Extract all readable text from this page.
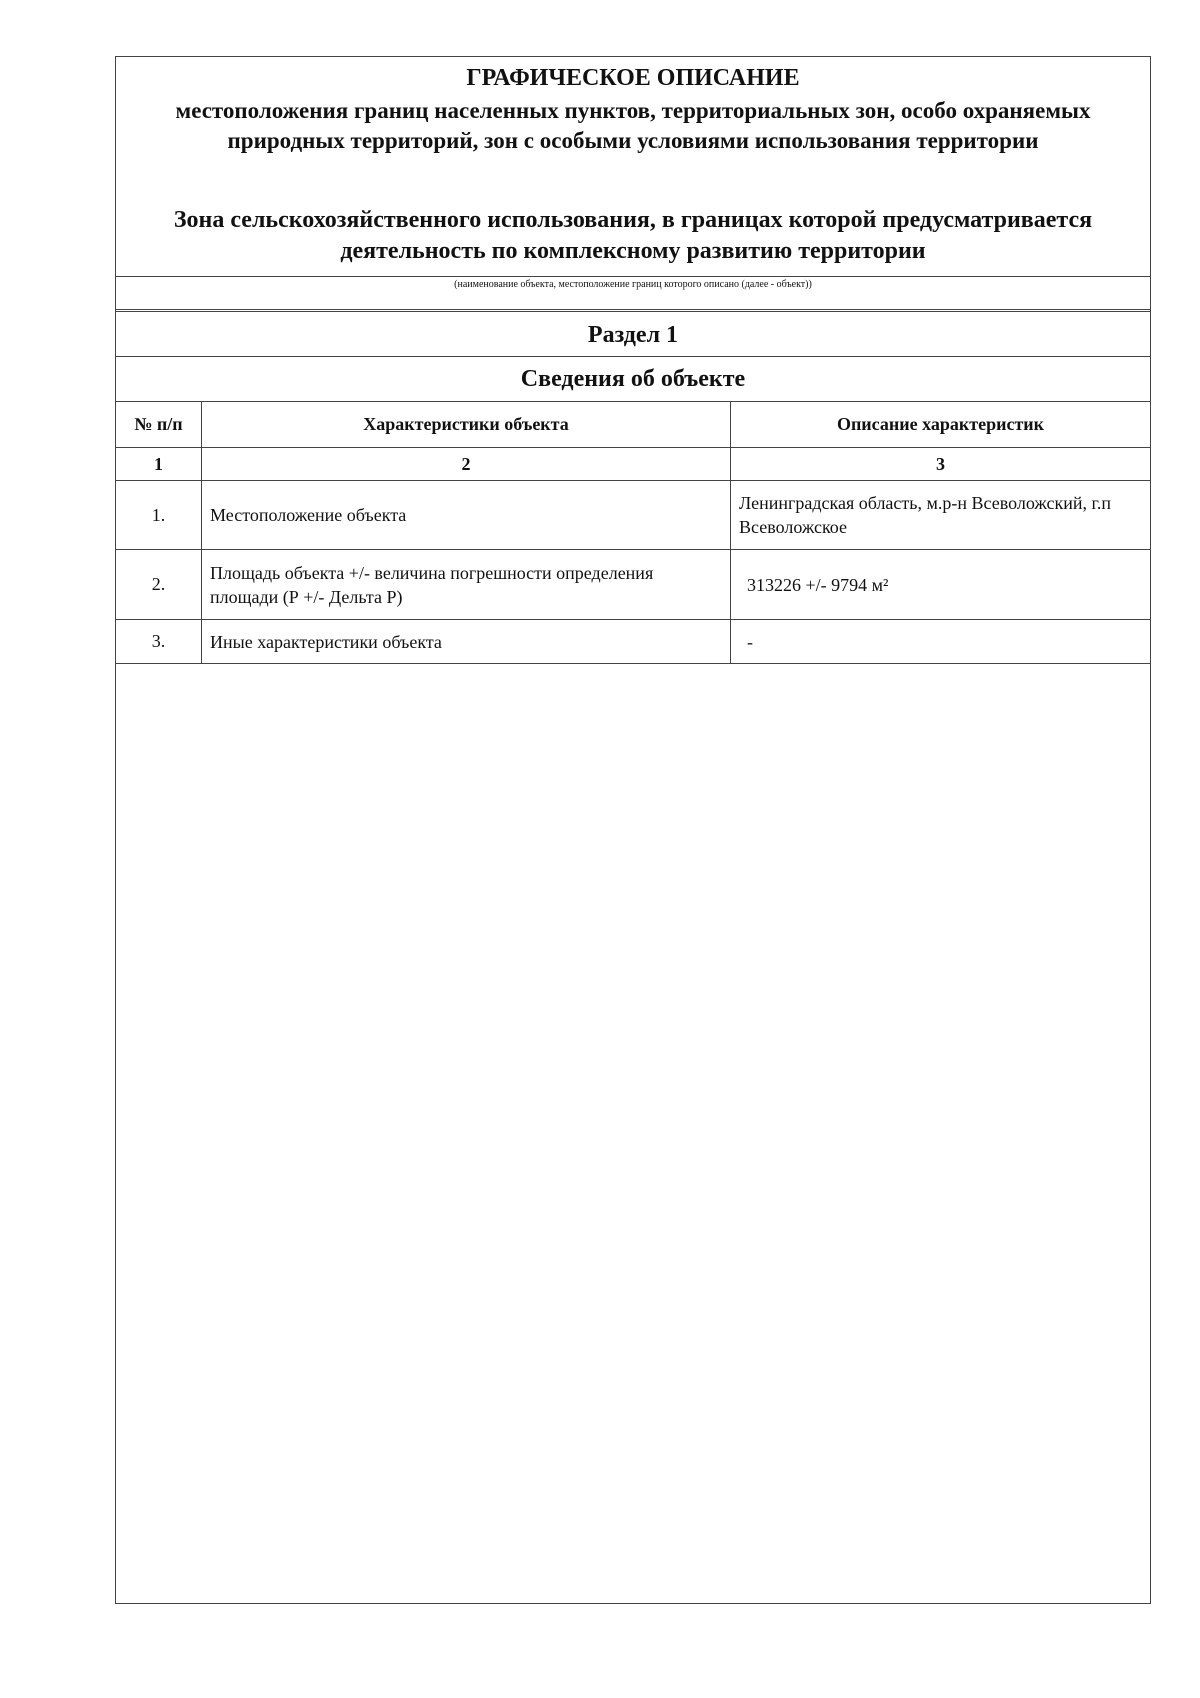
ГРАФИЧЕСКОЕ ОПИСАНИЕ
местоположения границ населенных пунктов, территориальных зон, особо охраняемых природных территорий, зон с особыми условиями использования территории
Зона сельскохозяйственного использования, в границах которой предусматривается деятельность по комплексному развитию территории
(наименование объекта, местоположение границ которого описано (далее - объект))
Раздел 1
Сведения об объекте
№ п/п	Характеристики объекта	Описание характеристик
1	2	3
1.	Местоположение объекта	Ленинградская область, м.р-н Всеволожский, г.п Всеволожское
2.	Площадь объекта +/- величина погрешности определения площади (Р +/- Дельта Р)	313226 +/- 9794 м²
3.	Иные характеристики объекта	-
